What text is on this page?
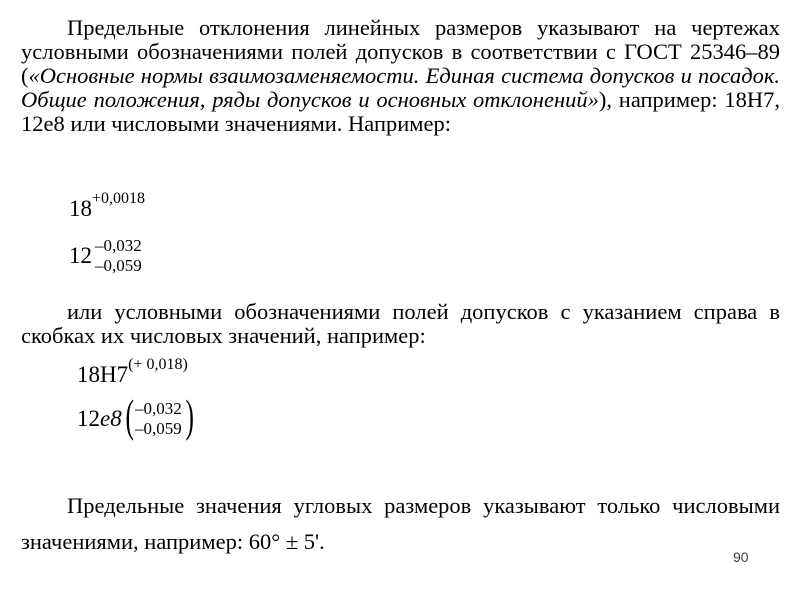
Предельные отклонения линейных размеров указывают на чертежах условными обозначениями полей допусков в соответствии с ГОСТ 25346–89 («Основные нормы взаимозаменяемости. Единая система допусков и посадок. Общие положения, ряды допусков и основных отклонений»), например: 18Н7, 12е8 или числовыми значениями. Например:

$18^{+0,0018}$
12 –0,032
–0,059

или условными обозначениями полей допусков с указанием справа в скобках их числовых значений, например:

$18H7^{(+ 0,018)}$
12e8( –0,032
–0,059 )

Предельные значения угловых размеров указывают только числовыми значениями, например: 60° ± 5'.

90
